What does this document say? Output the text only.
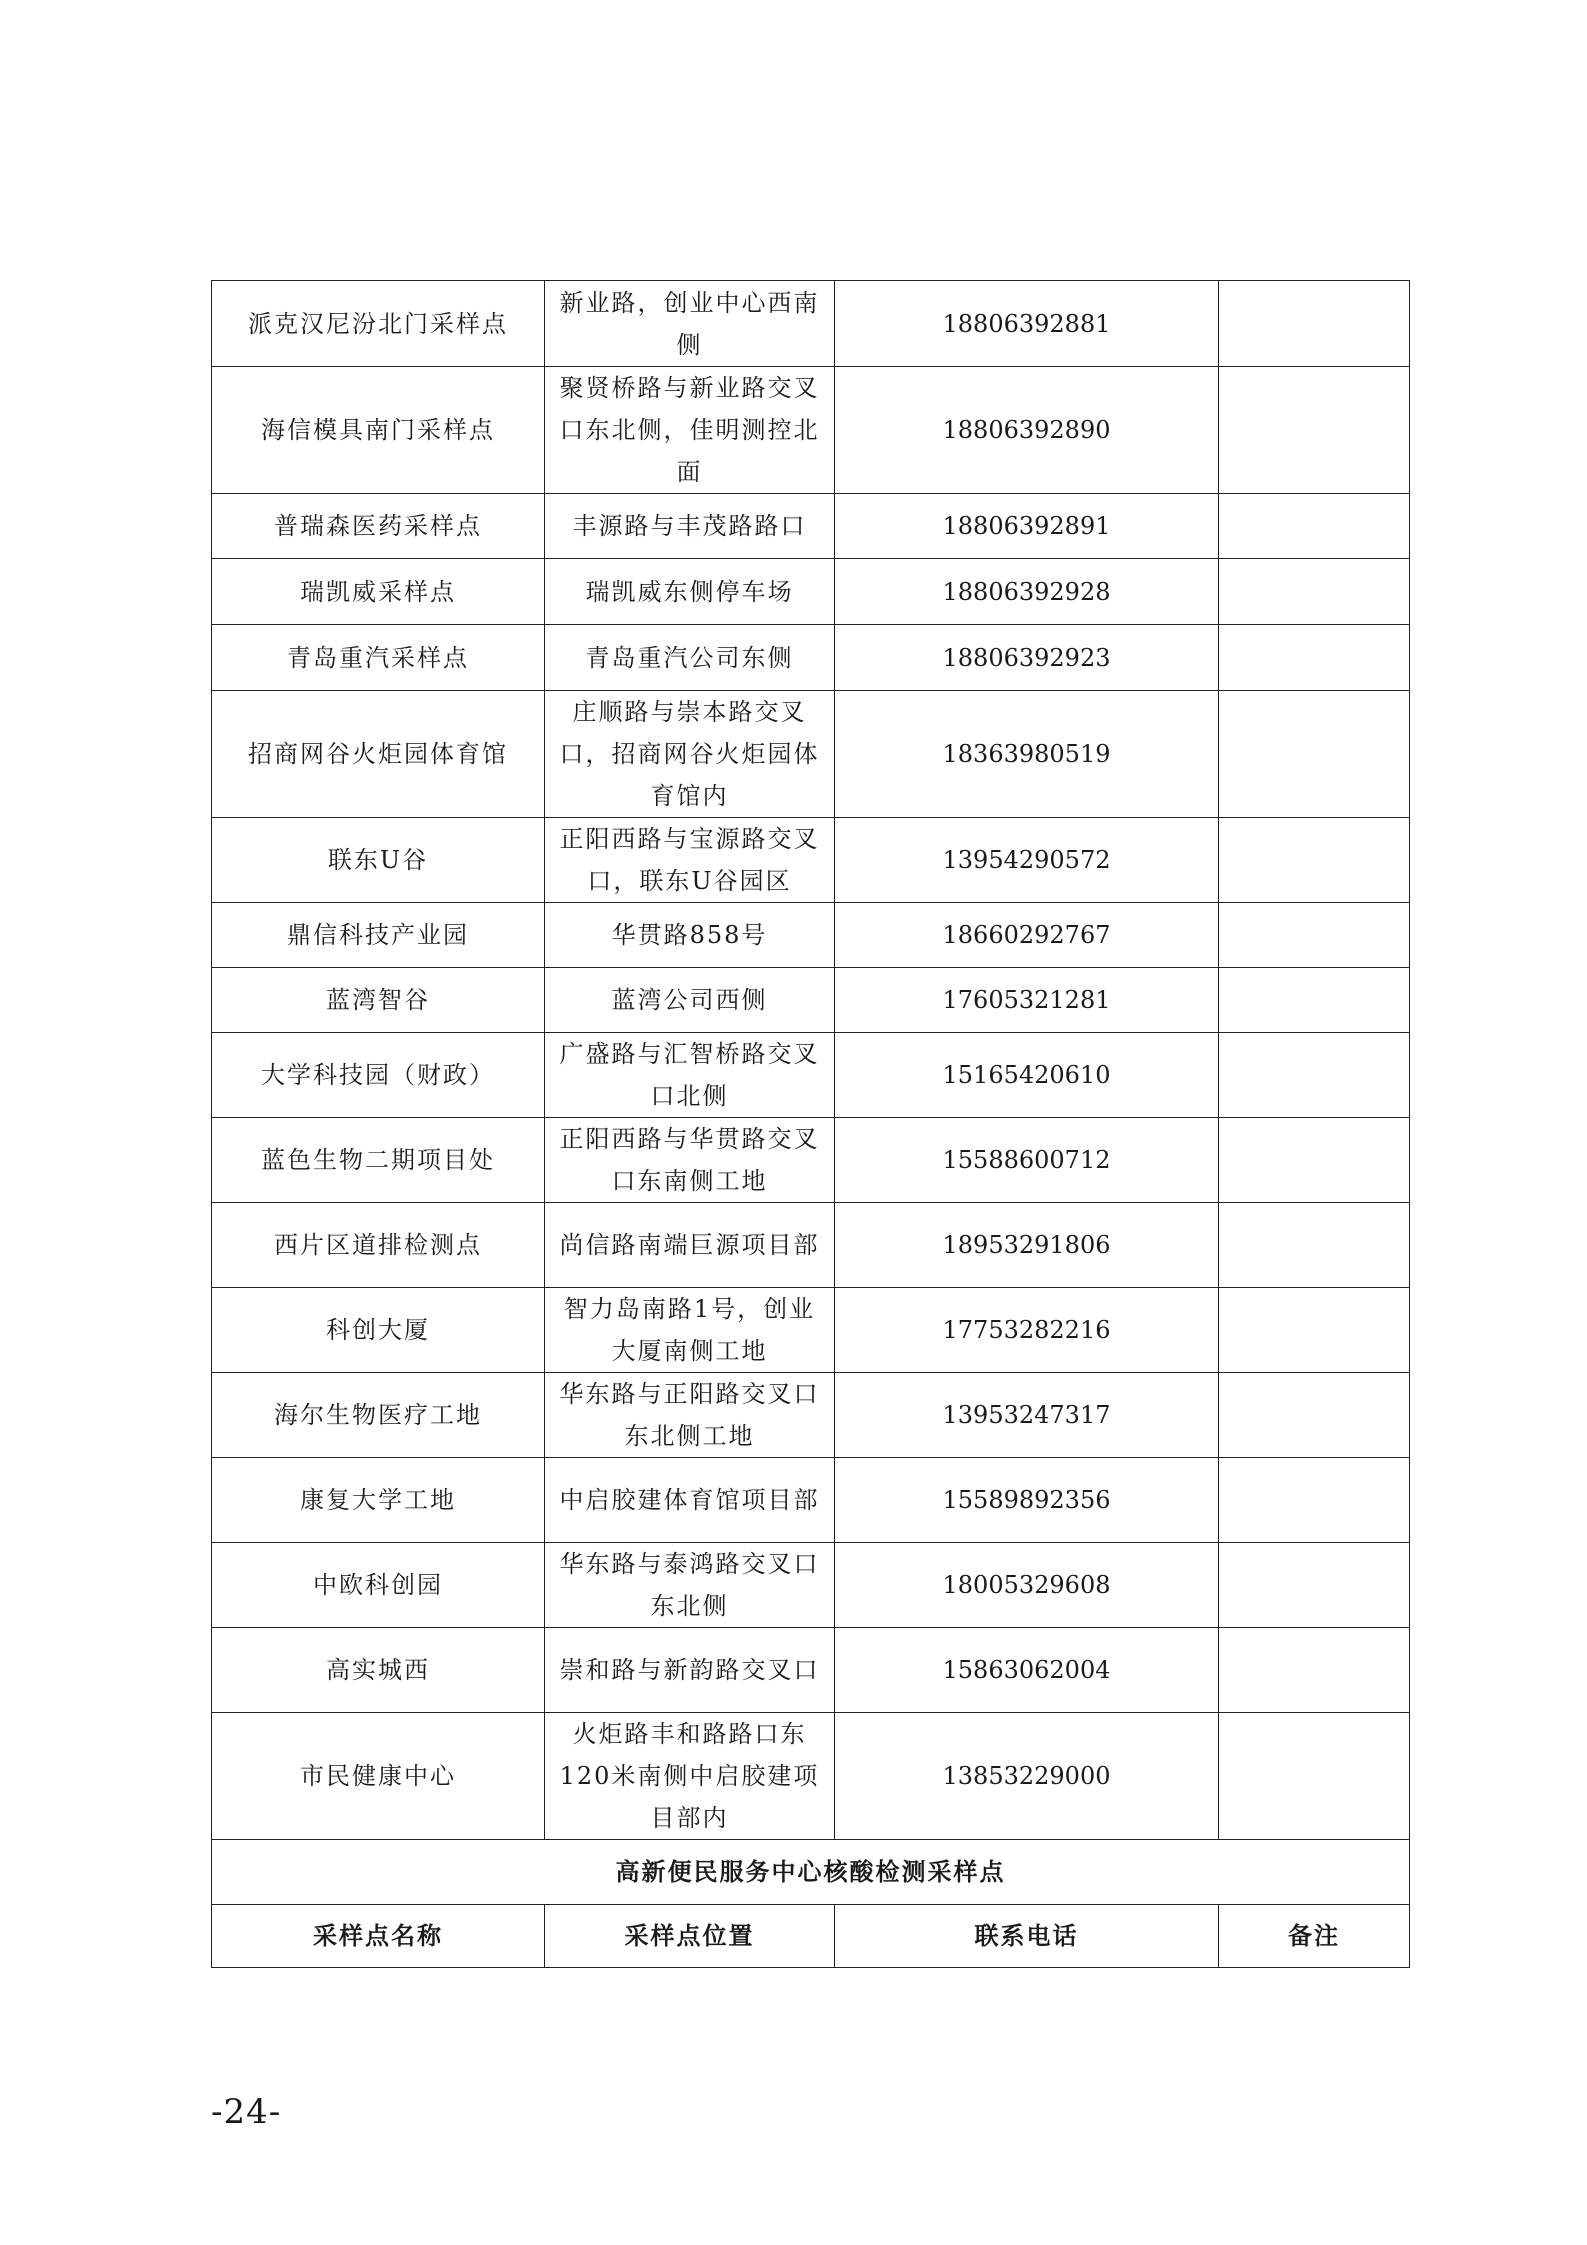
派克汉尼汾北门采样点	新业路，创业中心西南侧	18806392881	
海信模具南门采样点	聚贤桥路与新业路交叉口东北侧，佳明测控北面	18806392890	
普瑞森医药采样点	丰源路与丰茂路路口	18806392891	
瑞凯威采样点	瑞凯威东侧停车场	18806392928	
青岛重汽采样点	青岛重汽公司东侧	18806392923	
招商网谷火炬园体育馆	庄顺路与崇本路交叉口，招商网谷火炬园体育馆内	18363980519	
联东U谷	正阳西路与宝源路交叉口，联东U谷园区	13954290572	
鼎信科技产业园	华贯路858号	18660292767	
蓝湾智谷	蓝湾公司西侧	17605321281	
大学科技园（财政）	广盛路与汇智桥路交叉口北侧	15165420610	
蓝色生物二期项目处	正阳西路与华贯路交叉口东南侧工地	15588600712	
西片区道排检测点	尚信路南端巨源项目部	18953291806	
科创大厦	智力岛南路1号，创业大厦南侧工地	17753282216	
海尔生物医疗工地	华东路与正阳路交叉口东北侧工地	13953247317	
康复大学工地	中启胶建体育馆项目部	15589892356	
中欧科创园	华东路与泰鸿路交叉口东北侧	18005329608	
高实城西	崇和路与新韵路交叉口	15863062004	
市民健康中心	火炬路丰和路路口东120米南侧中启胶建项目部内	13853229000	
高新便民服务中心核酸检测采样点			
采样点名称	采样点位置	联系电话	备注
-24-
